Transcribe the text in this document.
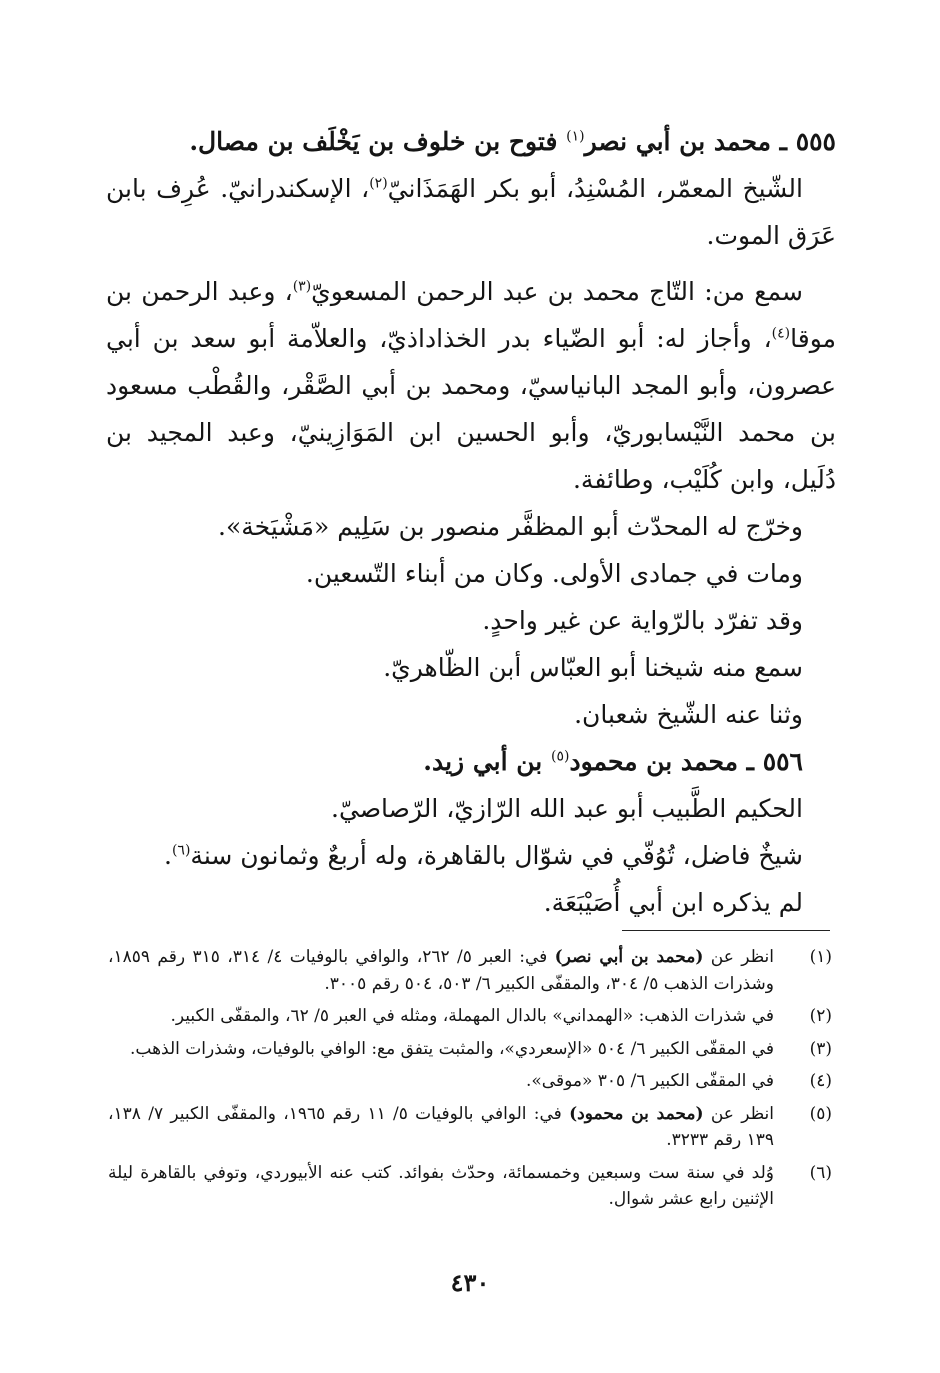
٥٥٥ ـ محمد بن أبي نصر$^{(١)}$ فتوح بن خلوف بن يَخْلَف بن مصال.

الشّيخ المعمّر، المُسْنِدُ، أبو بكر الهَمَذَانيّ$^{(٢)}$، الإسكندرانيّ. عُرِف بابن عَرَق الموت.

سمع من: التّاج محمد بن عبد الرحمن المسعويّ$^{(٣)}$، وعبد الرحمن بن موقا$^{(٤)}$، وأجاز له: أبو الضّياء بدر الخذاداذيّ، والعلاّمة أبو سعد بن أبي عصرون، وأبو المجد البانياسيّ، ومحمد بن أبي الصَّقْر، والقُطْب مسعود بن محمد النَّيْسابوريّ، وأبو الحسين ابن المَوَازِينيّ، وعبد المجيد بن دُلَيل، وابن كُلَيْب، وطائفة.

وخرّج له المحدّث أبو المظفَّر منصور بن سَلِيم «مَشْيَخة».

ومات في جمادى الأولى. وكان من أبناء التّسعين.

وقد تفرّد بالرّواية عن غير واحدٍ.

سمع منه شيخنا أبو العبّاس أبن الظّاهريّ.

وثنا عنه الشّيخ شعبان.

٥٥٦ ـ محمد بن محمود$^{(٥)}$ بن أبي زيد.

الحكيم الطَّبيب أبو عبد الله الرّازيّ، الرّصاصيّ.

شيخٌ فاضل، تُوُفّي في شوّال بالقاهرة، وله أربعٌ وثمانون سنة$^{(٦)}$.

لم يذكره ابن أبي أُصَيْبَعَة.

(١)
انظر عن (محمد بن أبي نصر) في: العبر ٥/ ٢٦٢، والوافي بالوفيات ٤/ ٣١٤، ٣١٥ رقم ١٨٥٩، وشذرات الذهب ٥/ ٣٠٤، والمقفّى الكبير ٦/ ٥٠٣، ٥٠٤ رقم ٣٠٠٥.
(٢)
في شذرات الذهب: «الهمداني» بالدال المهملة، ومثله في العبر ٥/ ٦٢، والمقفّى الكبير.
(٣)
في المقفّى الكبير ٦/ ٥٠٤ «الإسعردي»، والمثبت يتفق مع: الوافي بالوفيات، وشذرات الذهب.
(٤)
في المقفّى الكبير ٦/ ٣٠٥ «موقى».
(٥)
انظر عن (محمد بن محمود) في: الوافي بالوفيات ٥/ ١١ رقم ١٩٦٥، والمقفّى الكبير ٧/ ١٣٨، ١٣٩ رقم ٣٢٣٣.
(٦)
وُلد في سنة ست وسبعين وخمسمائة، وحدّث بفوائد. كتب عنه الأبيوردي، وتوفي بالقاهرة ليلة الإثنين رابع عشر شوال.
٤٣٠
